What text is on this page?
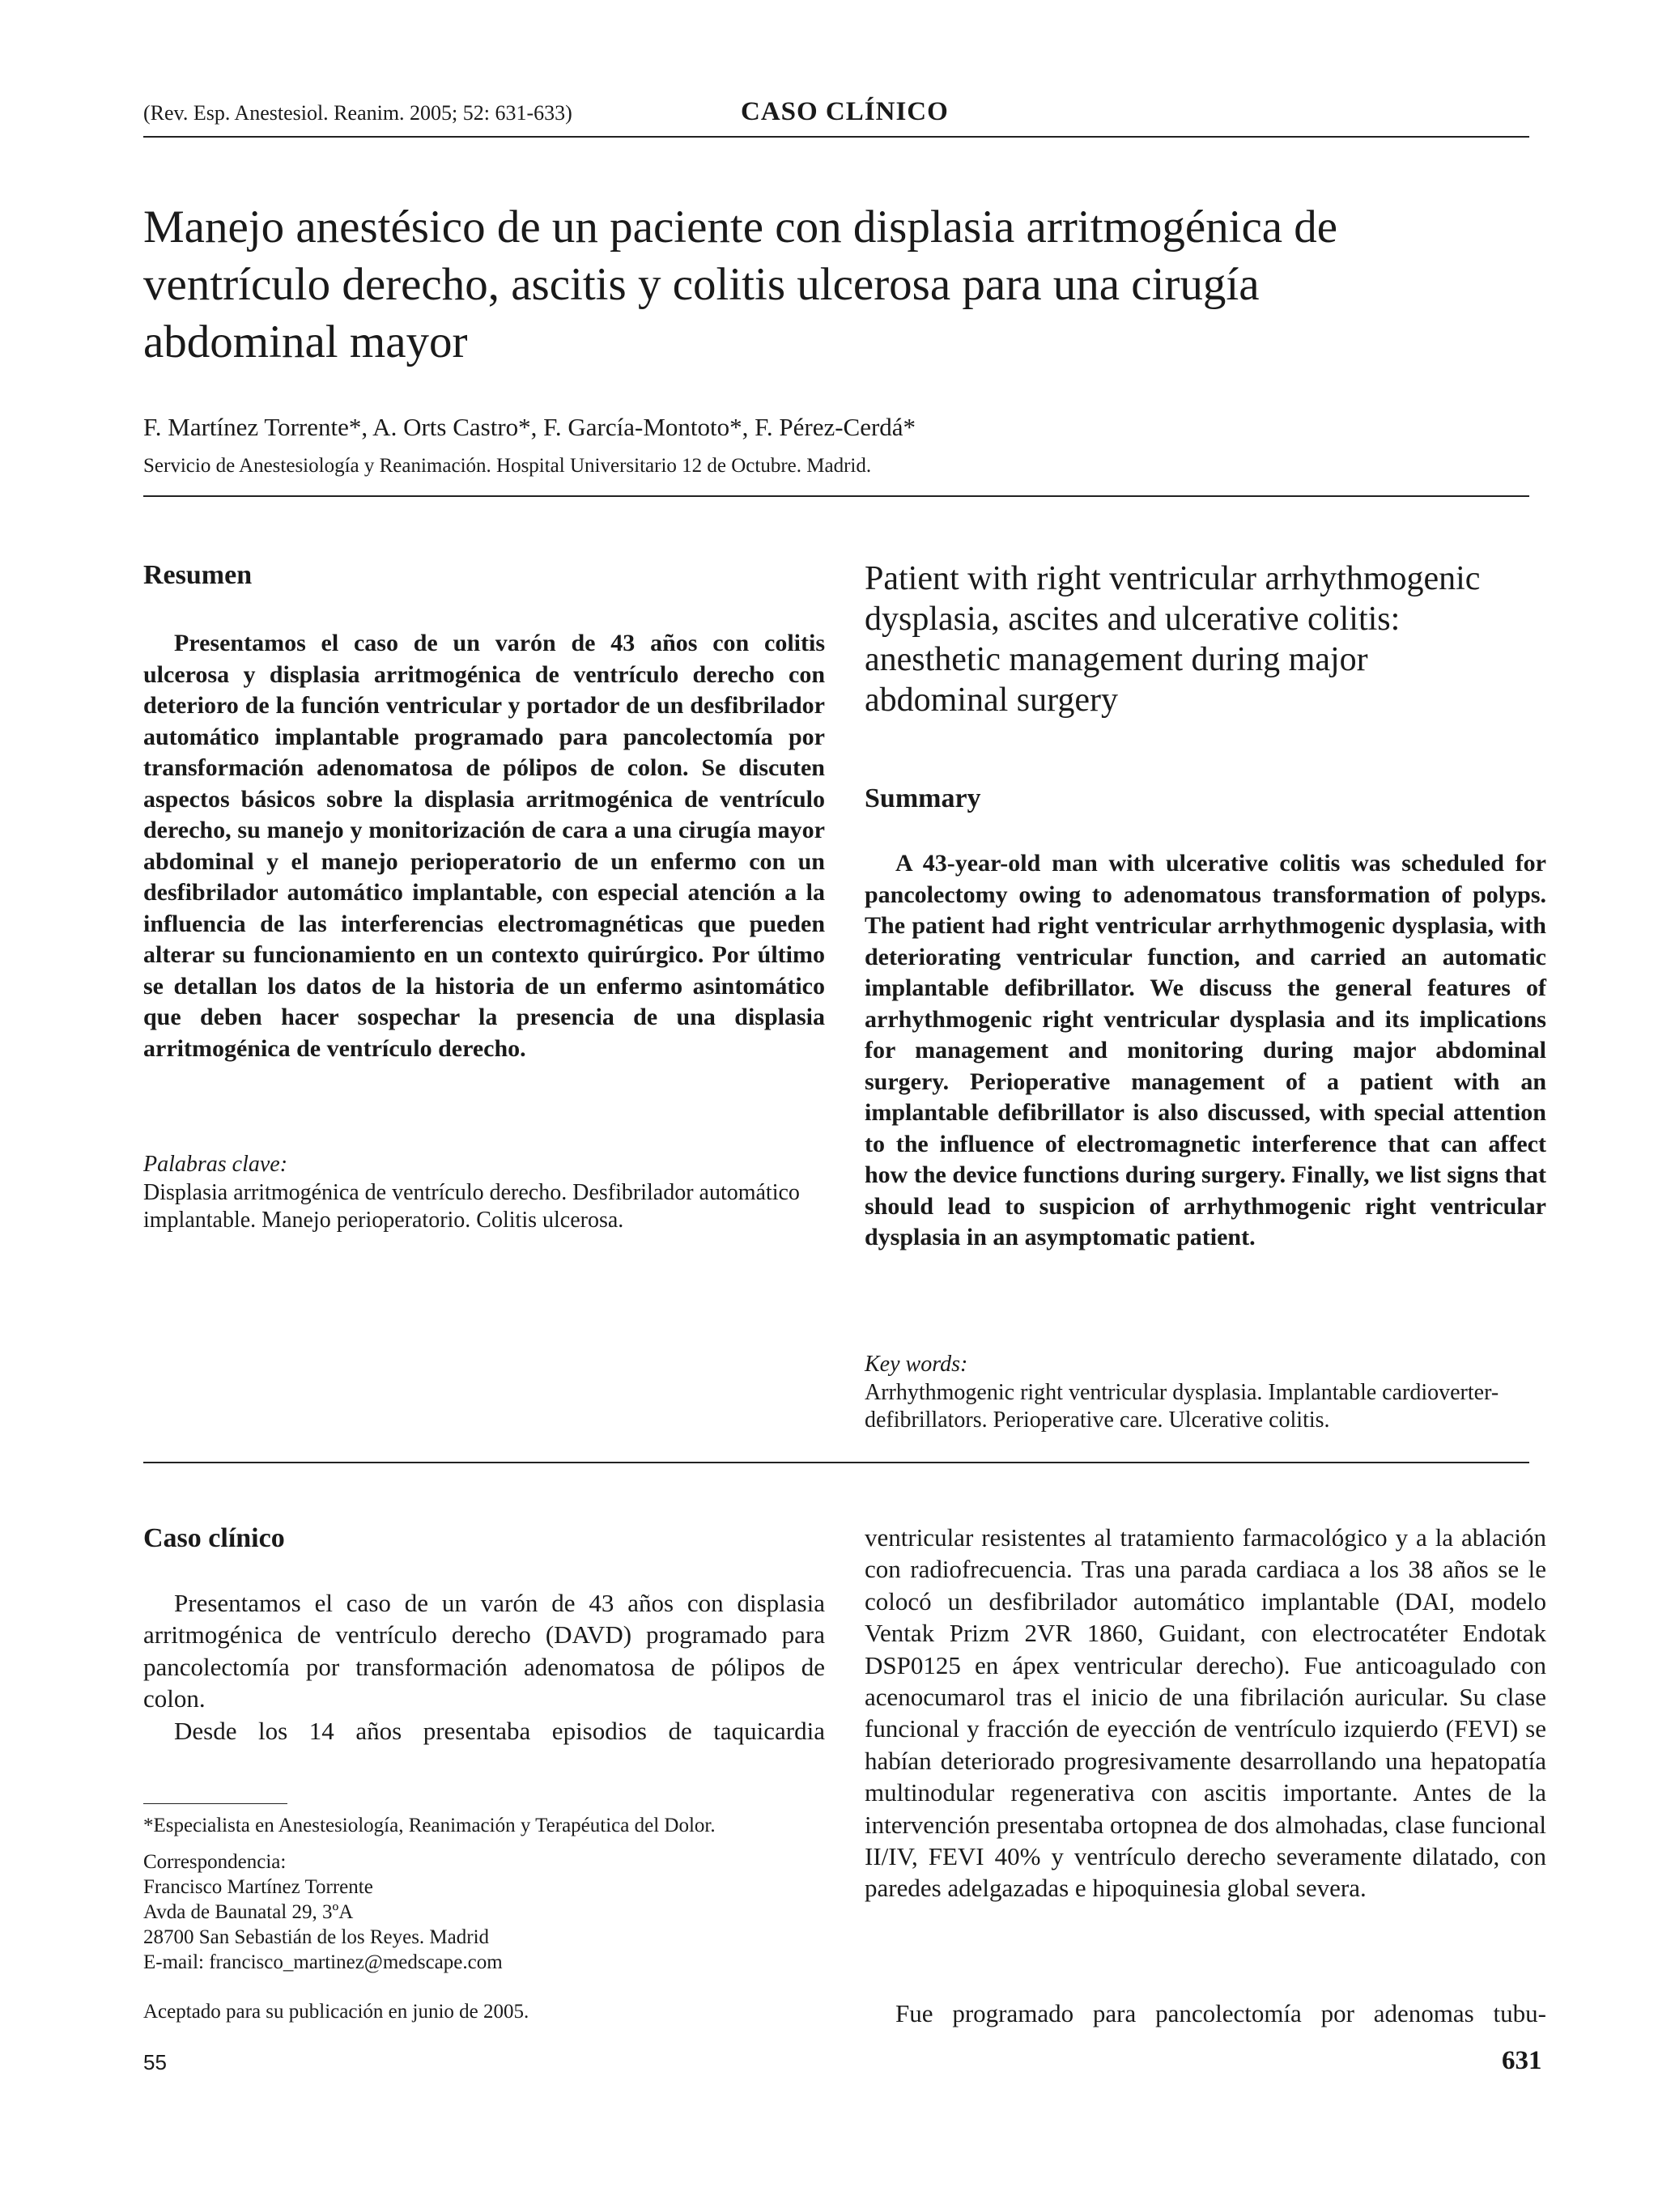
(Rev. Esp. Anestesiol. Reanim. 2005; 52: 631-633)	CASO CLÍNICO
Manejo anestésico de un paciente con displasia arritmogénica de
ventrículo derecho, ascitis y colitis ulcerosa para una cirugía
abdominal mayor
F. Martínez Torrente*, A. Orts Castro*, F. García-Montoto*, F. Pérez-Cerdá*
Servicio de Anestesiología y Reanimación. Hospital Universitario 12 de Octubre. Madrid.
Resumen
Presentamos el caso de un varón de 43 años con colitis ulcerosa y displasia arritmogénica de ventrículo derecho con deterioro de la función ventricular y portador de un desfibrilador automático implantable programado para pancolectomía por transformación adenomatosa de pólipos de colon. Se discuten aspectos básicos sobre la displasia arritmogénica de ventrículo derecho, su manejo y monitorización de cara a una cirugía mayor abdominal y el manejo perioperatorio de un enfermo con un desfibrilador automático implantable, con especial atención a la influencia de las interferencias electromagnéticas que pueden alterar su funcionamiento en un contexto quirúrgico. Por último se detallan los datos de la historia de un enfermo asintomático que deben hacer sospechar la presencia de una displasia arritmogénica de ventrículo derecho.
Palabras clave:
Displasia arritmogénica de ventrículo derecho. Desfibrilador automático implantable. Manejo perioperatorio. Colitis ulcerosa.
Patient with right ventricular arrhythmogenic
dysplasia, ascites and ulcerative colitis:
anesthetic management during major
abdominal surgery
Summary
A 43-year-old man with ulcerative colitis was scheduled for pancolectomy owing to adenomatous transformation of polyps. The patient had right ventricular arrhythmogenic dysplasia, with deteriorating ventricular function, and carried an automatic implantable defibrillator. We discuss the general features of arrhythmogenic right ventricular dysplasia and its implications for management and monitoring during major abdominal surgery. Perioperative management of a patient with an implantable defibrillator is also discussed, with special attention to the influence of electromagnetic interference that can affect how the device functions during surgery. Finally, we list signs that should lead to suspicion of arrhythmogenic right ventricular dysplasia in an asymptomatic patient.
Key words:
Arrhythmogenic right ventricular dysplasia. Implantable cardioverter-defibrillators. Perioperative care. Ulcerative colitis.
Caso clínico
Presentamos el caso de un varón de 43 años con displasia arritmogénica de ventrículo derecho (DAVD) programado para pancolectomía por transformación adenomatosa de pólipos de colon.
Desde los 14 años presentaba episodios de taquicardia
*Especialista en Anestesiología, Reanimación y Terapéutica del Dolor.
Correspondencia:
Francisco Martínez Torrente
Avda de Baunatal 29, 3ºA
28700 San Sebastián de los Reyes. Madrid
E-mail: francisco_martinez@medscape.com
Aceptado para su publicación en junio de 2005.
ventricular resistentes al tratamiento farmacológico y a la ablación con radiofrecuencia. Tras una parada cardiaca a los 38 años se le colocó un desfibrilador automático implantable (DAI, modelo Ventak Prizm 2VR 1860, Guidant, con electrocatéter Endotak DSP0125 en ápex ventricular derecho). Fue anticoagulado con acenocumarol tras el inicio de una fibrilación auricular. Su clase funcional y fracción de eyección de ventrículo izquierdo (FEVI) se habían deteriorado progresivamente desarrollando una hepatopatía multinodular regenerativa con ascitis importante. Antes de la intervención presentaba ortopnea de dos almohadas, clase funcional II/IV, FEVI 40% y ventrículo derecho severamente dilatado, con paredes adelgazadas e hipoquinesia global severa.
Fue programado para pancolectomía por adenomas tubu-
55	631
